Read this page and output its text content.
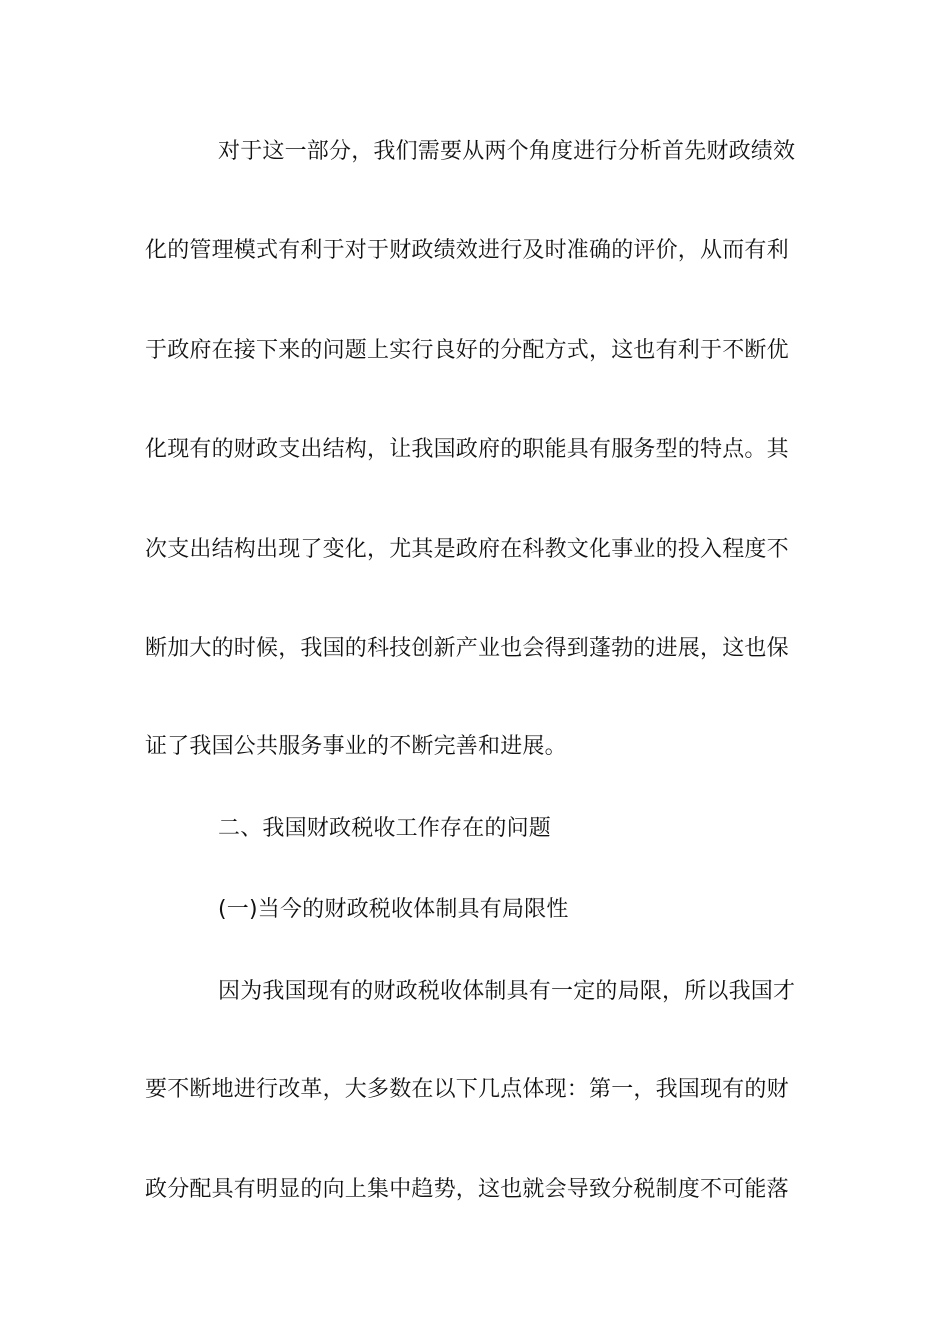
对于这一部分，我们需要从两个角度进行分析首先财政绩效
化的管理模式有利于对于财政绩效进行及时准确的评价，从而有利
于政府在接下来的问题上实行良好的分配方式，这也有利于不断优
化现有的财政支出结构，让我国政府的职能具有服务型的特点。其
次支出结构出现了变化，尤其是政府在科教文化事业的投入程度不
断加大的时候，我国的科技创新产业也会得到蓬勃的进展，这也保
证了我国公共服务事业的不断完善和进展。
二、我国财政税收工作存在的问题
(一)当今的财政税收体制具有局限性
因为我国现有的财政税收体制具有一定的局限，所以我国才
要不断地进行改革，大多数在以下几点体现：第一，我国现有的财
政分配具有明显的向上集中趋势，这也就会导致分税制度不可能落
